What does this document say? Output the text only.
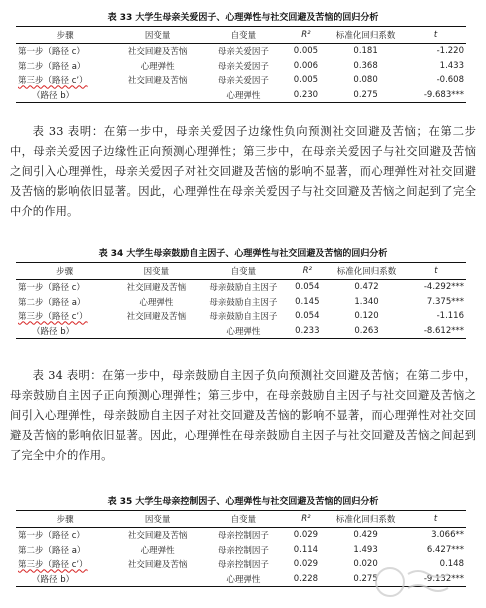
表 33 大学生母亲关爱因子、心理弹性与社交回避及苦恼的回归分析
步骤	因变量	自变量	R²	标准化回归系数	t
第一步（路径 c）	社交回避及苦恼	母亲关爱因子	0.005	0.181	-1.220
第二步（路径 a）	心理弹性	母亲关爱因子	0.006	0.368	1.433
第三步（路径 c’）	社交回避及苦恼	母亲关爱因子	0.005	0.080	-0.608
（路径 b）		心理弹性	0.230	0.275	-9.683***

表 33 表明：在第一步中，母亲关爱因子边缘性负向预测社交回避及苦恼；在第二步中，母亲关爱因子边缘性正向预测心理弹性；第三步中，在母亲关爱因子与社交回避及苦恼之间引入心理弹性，母亲关爱因子对社交回避及苦恼的影响不显著，而心理弹性对社交回避及苦恼的影响依旧显著。因此，心理弹性在母亲关爱因子与社交回避及苦恼之间起到了完全中介的作用。

表 34 大学生母亲鼓励自主因子、心理弹性与社交回避及苦恼的回归分析
步骤	因变量	自变量	R²	标准化回归系数	t
第一步（路径 c）	社交回避及苦恼	母亲鼓励自主因子	0.054	0.472	-4.292***
第二步（路径 a）	心理弹性	母亲鼓励自主因子	0.145	1.340	7.375***
第三步（路径 c’）	社交回避及苦恼	母亲鼓励自主因子	0.054	0.120	-1.116
（路径 b）		心理弹性	0.233	0.263	-8.612***

表 34 表明：在第一步中，母亲鼓励自主因子负向预测社交回避及苦恼；在第二步中，母亲鼓励自主因子正向预测心理弹性；第三步中，在母亲鼓励自主因子与社交回避及苦恼之间引入心理弹性，母亲鼓励自主因子对社交回避及苦恼的影响不显著，而心理弹性对社交回避及苦恼的影响依旧显著。因此，心理弹性在母亲鼓励自主因子与社交回避及苦恼之间起到了完全中介的作用。

表 35 大学生母亲控制因子、心理弹性与社交回避及苦恼的回归分析
步骤	因变量	自变量	R²	标准化回归系数	t
第一步（路径 c）	社交回避及苦恼	母亲控制因子	0.029	0.429	3.066**
第二步（路径 a）	心理弹性	母亲控制因子	0.114	1.493	6.427***
第三步（路径 c’）	社交回避及苦恼	母亲控制因子	0.029	0.020	0.148
（路径 b）		心理弹性	0.228	0.275	-9.132***
